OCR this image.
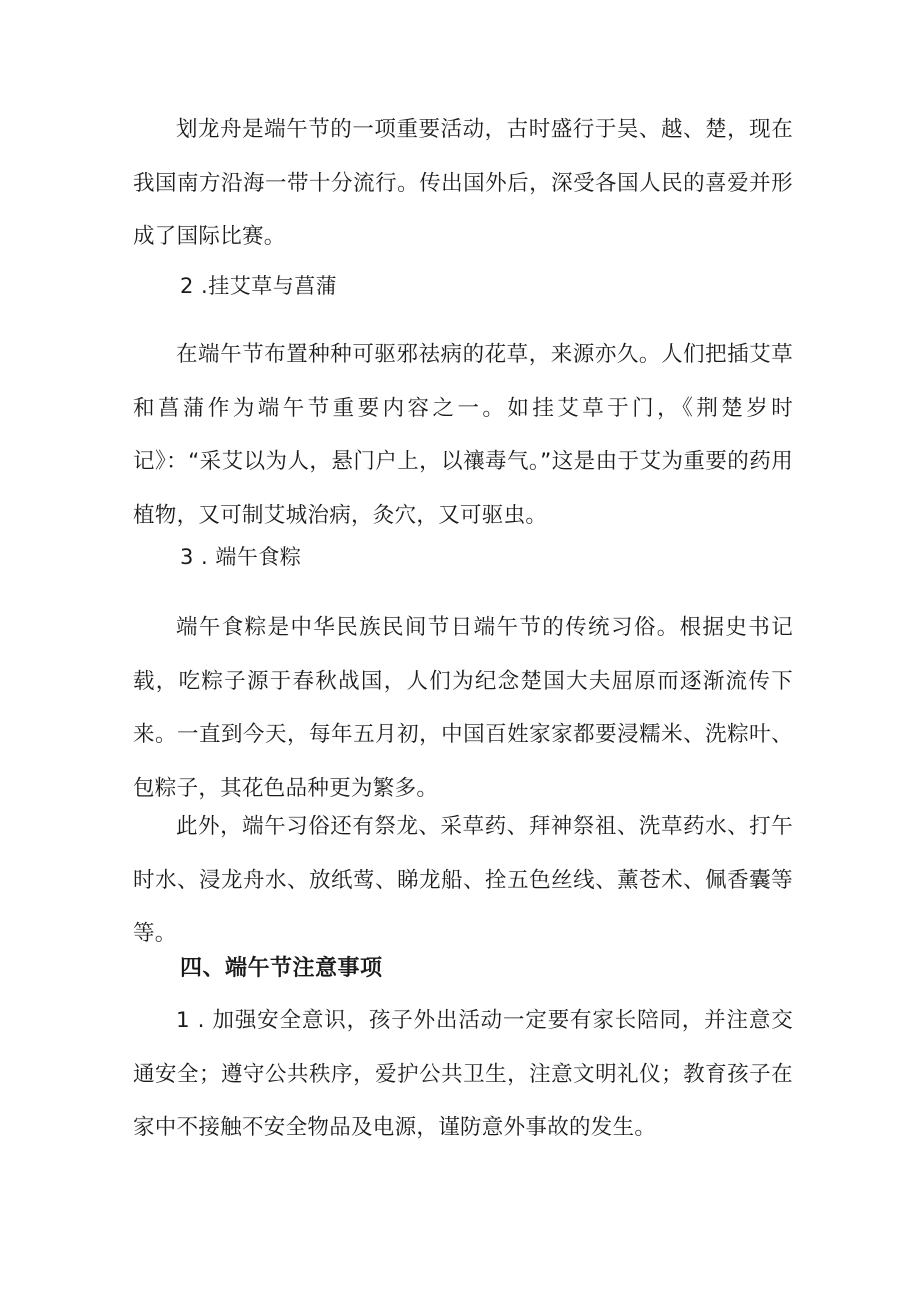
划龙舟是端午节的一项重要活动，古时盛行于吴、越、楚，现在我国南方沿海一带十分流行。传出国外后，深受各国人民的喜爱并形成了国际比赛。

2 .挂艾草与菖蒲

在端午节布置种种可驱邪祛病的花草，来源亦久。人们把插艾草和菖蒲作为端午节重要内容之一。如挂艾草于门，《荆楚岁时记》：“采艾以为人，悬门户上，以禳毒气。”这是由于艾为重要的药用植物，又可制艾城治病，灸穴，又可驱虫。

3 . 端午食粽

端午食粽是中华民族民间节日端午节的传统习俗。根据史书记载，吃粽子源于春秋战国，人们为纪念楚国大夫屈原而逐渐流传下来。一直到今天，每年五月初，中国百姓家家都要浸糯米、洗粽叶、包粽子，其花色品种更为繁多。

此外，端午习俗还有祭龙、采草药、拜神祭祖、洗草药水、打午时水、浸龙舟水、放纸莺、睇龙船、拴五色丝线、薰苍术、佩香囊等等。

四、端午节注意事项

1 . 加强安全意识，孩子外出活动一定要有家长陪同，并注意交通安全；遵守公共秩序，爱护公共卫生，注意文明礼仪；教育孩子在家中不接触不安全物品及电源，谨防意外事故的发生。
